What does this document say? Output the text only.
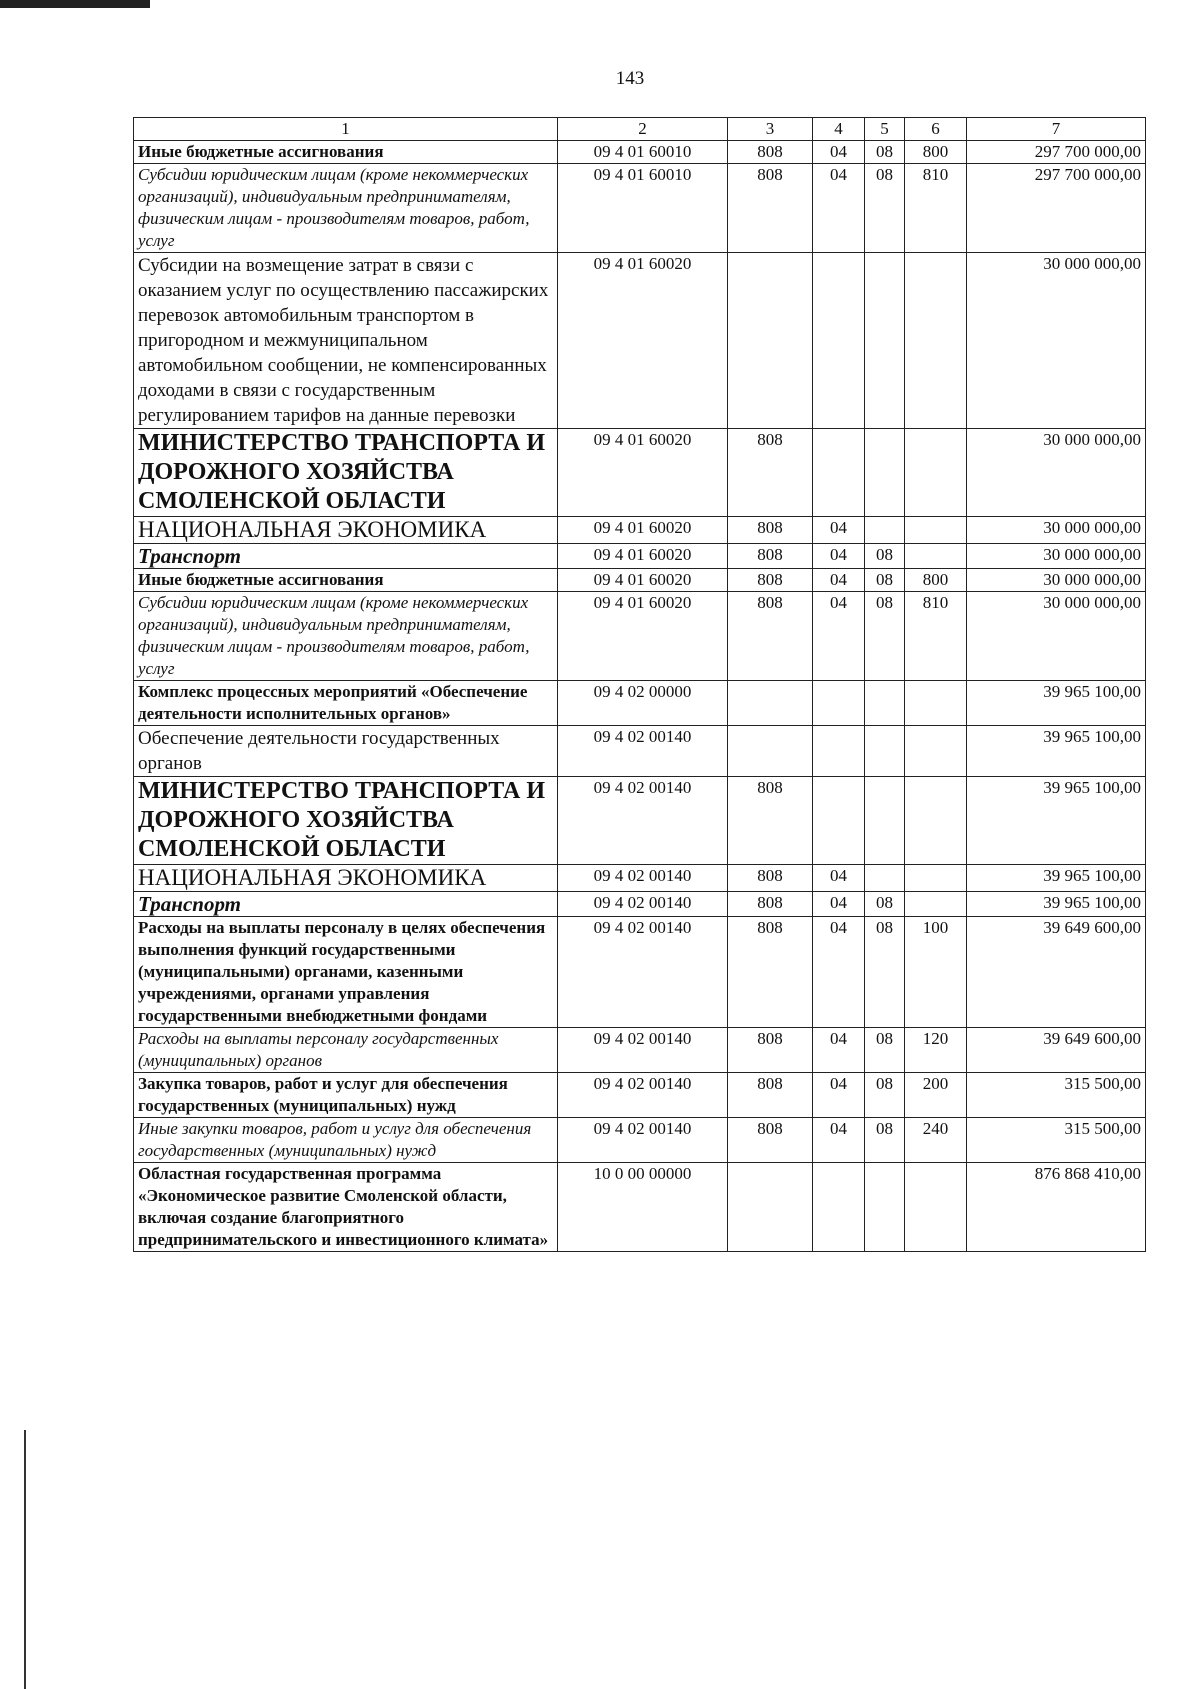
143
1	2	3	4	5	6	7
Иные бюджетные ассигнования	09 4 01 60010	808	04	08	800	297 700 000,00
Субсидии юридическим лицам (кроме некоммерческих организаций), индивидуальным предпринимателям, физическим лицам - производителям товаров, работ, услуг	09 4 01 60010	808	04	08	810	297 700 000,00
Субсидии на возмещение затрат в связи с оказанием услуг по осуществлению пассажирских перевозок автомобильным транспортом в пригородном и межмуниципальном автомобильном сообщении, не компенсированных доходами в связи с государственным регулированием тарифов на данные перевозки	09 4 01 60020					30 000 000,00
МИНИСТЕРСТВО ТРАНСПОРТА И ДОРОЖНОГО ХОЗЯЙСТВА СМОЛЕНСКОЙ ОБЛАСТИ	09 4 01 60020	808				30 000 000,00
НАЦИОНАЛЬНАЯ ЭКОНОМИКА	09 4 01 60020	808	04			30 000 000,00
Транспорт	09 4 01 60020	808	04	08		30 000 000,00
Иные бюджетные ассигнования	09 4 01 60020	808	04	08	800	30 000 000,00
Субсидии юридическим лицам (кроме некоммерческих организаций), индивидуальным предпринимателям, физическим лицам - производителям товаров, работ, услуг	09 4 01 60020	808	04	08	810	30 000 000,00
Комплекс процессных мероприятий «Обеспечение деятельности исполнительных органов»	09 4 02 00000					39 965 100,00
Обеспечение деятельности государственных органов	09 4 02 00140					39 965 100,00
МИНИСТЕРСТВО ТРАНСПОРТА И ДОРОЖНОГО ХОЗЯЙСТВА СМОЛЕНСКОЙ ОБЛАСТИ	09 4 02 00140	808				39 965 100,00
НАЦИОНАЛЬНАЯ ЭКОНОМИКА	09 4 02 00140	808	04			39 965 100,00
Транспорт	09 4 02 00140	808	04	08		39 965 100,00
Расходы на выплаты персоналу в целях обеспечения выполнения функций государственными (муниципальными) органами, казенными учреждениями, органами управления государственными внебюджетными фондами	09 4 02 00140	808	04	08	100	39 649 600,00
Расходы на выплаты персоналу государственных (муниципальных) органов	09 4 02 00140	808	04	08	120	39 649 600,00
Закупка товаров, работ и услуг для обеспечения государственных (муниципальных) нужд	09 4 02 00140	808	04	08	200	315 500,00
Иные закупки товаров, работ и услуг для обеспечения государственных (муниципальных) нужд	09 4 02 00140	808	04	08	240	315 500,00
Областная государственная программа «Экономическое развитие Смоленской области, включая создание благоприятного предпринимательского и инвестиционного климата»	10 0 00 00000					876 868 410,00
